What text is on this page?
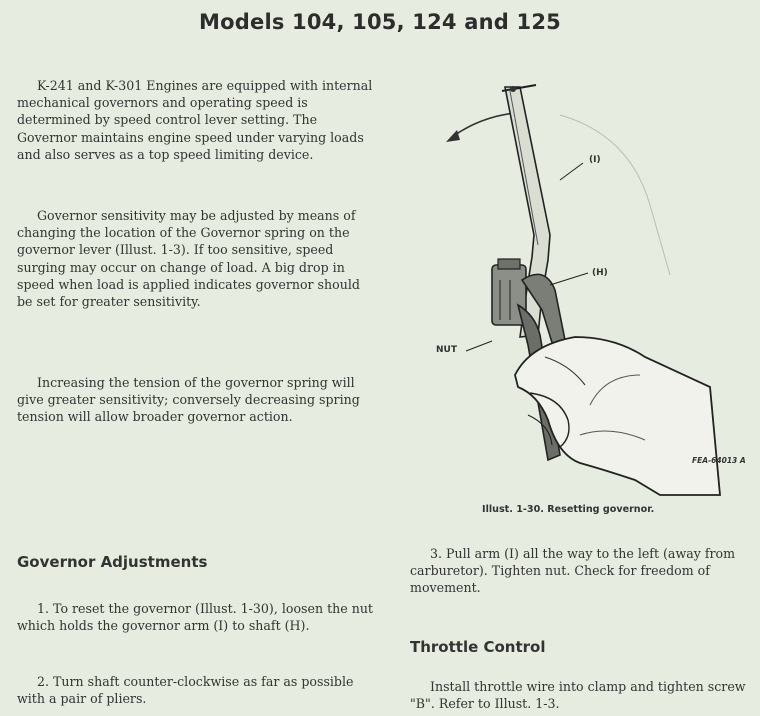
Models 104, 105, 124 and 125

K-241 and K-301 Engines are equipped with internal mechanical governors and operating speed is determined by speed control lever setting. The Governor maintains engine speed under varying loads and also serves as a top speed limiting device.

Governor sensitivity may be adjusted by means of changing the location of the Governor spring on the governor lever (Illust. 1-3). If too sensitive, speed surging may occur on change of load. A big drop in speed when load is applied indicates governor should be set for greater sensitivity.

Increasing the tension of the governor spring will give greater sensitivity; conversely decreasing spring tension will allow broader governor action.

Governor Adjustments

1. To reset the governor (Illust. 1-30), loosen the nut which holds the governor arm (I) to shaft (H).

2. Turn shaft counter-clockwise as far as possible with a pair of pliers.

(I)
(H)
NUT
FEA-64013 A
Illust. 1-30. Resetting governor.

3. Pull arm (I) all the way to the left (away from carburetor). Tighten nut. Check for freedom of movement.

Throttle Control

Install throttle wire into clamp and tighten screw "B". Refer to Illust. 1-3.
